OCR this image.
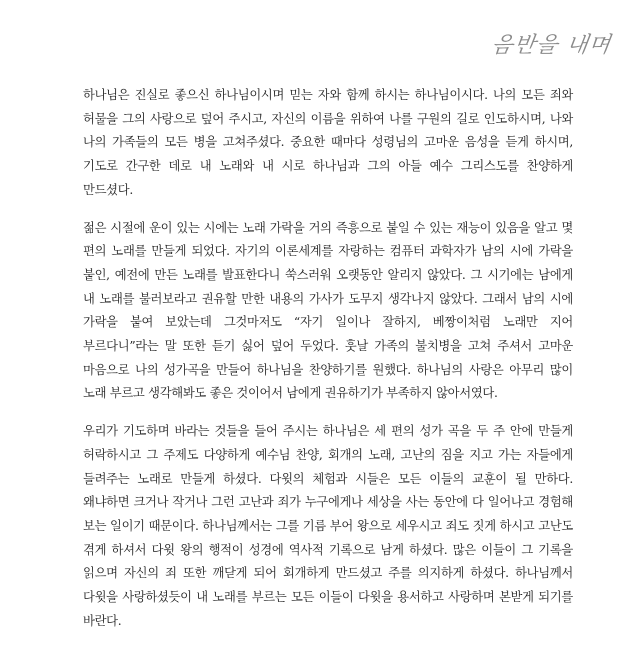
음반을 내며

하나님은 진실로 좋으신 하나님이시며 믿는 자와 함께 하시는 하나님이시다. 나의 모든 죄와 허물을 그의 사랑으로 덮어 주시고, 자신의 이름을 위하여 나를 구원의 길로 인도하시며, 나와 나의 가족들의 모든 병을 고쳐주셨다. 중요한 때마다 성령님의 고마운 음성을 듣게 하시며, 기도로 간구한 데로 내 노래와 내 시로 하나님과 그의 아들 예수 그리스도를 찬양하게 만드셨다.

젊은 시절에 운이 있는 시에는 노래 가락을 거의 즉흥으로 붙일 수 있는 재능이 있음을 알고 몇 편의 노래를 만들게 되었다. 자기의 이론세계를 자랑하는 컴퓨터 과학자가 남의 시에 가락을 붙인, 예전에 만든 노래를 발표한다니 쑥스러워 오랫동안 알리지 않았다. 그 시기에는 남에게 내 노래를 불러보라고 권유할 만한 내용의 가사가 도무지 생각나지 않았다. 그래서 남의 시에 가락을 붙여 보았는데 그것마저도 “자기 일이나 잘하지, 베짱이처럼 노래만 지어 부르다니”라는 말 또한 듣기 싫어 덮어 두었다. 훗날 가족의 불치병을 고쳐 주셔서 고마운 마음으로 나의 성가곡을 만들어 하나님을 찬양하기를 원했다. 하나님의 사랑은 아무리 많이 노래 부르고 생각해봐도 좋은 것이어서 남에게 권유하기가 부족하지 않아서였다.

우리가 기도하며 바라는 것들을 들어 주시는 하나님은 세 편의 성가 곡을 두 주 안에 만들게 허락하시고 그 주제도 다양하게 예수님 찬양, 회개의 노래, 고난의 짐을 지고 가는 자들에게 들려주는 노래로 만들게 하셨다. 다윗의 체험과 시들은 모든 이들의 교훈이 될 만하다. 왜냐하면 크거나 작거나 그런 고난과 죄가 누구에게나 세상을 사는 동안에 다 일어나고 경험해 보는 일이기 때문이다. 하나님께서는 그를 기름 부어 왕으로 세우시고 죄도 짓게 하시고 고난도 겪게 하셔서 다윗 왕의 행적이 성경에 역사적 기록으로 남게 하셨다. 많은 이들이 그 기록을 읽으며 자신의 죄 또한 깨닫게 되어 회개하게 만드셨고 주를 의지하게 하셨다. 하나님께서 다윗을 사랑하셨듯이 내 노래를 부르는 모든 이들이 다윗을 용서하고 사랑하며 본받게 되기를 바란다.
